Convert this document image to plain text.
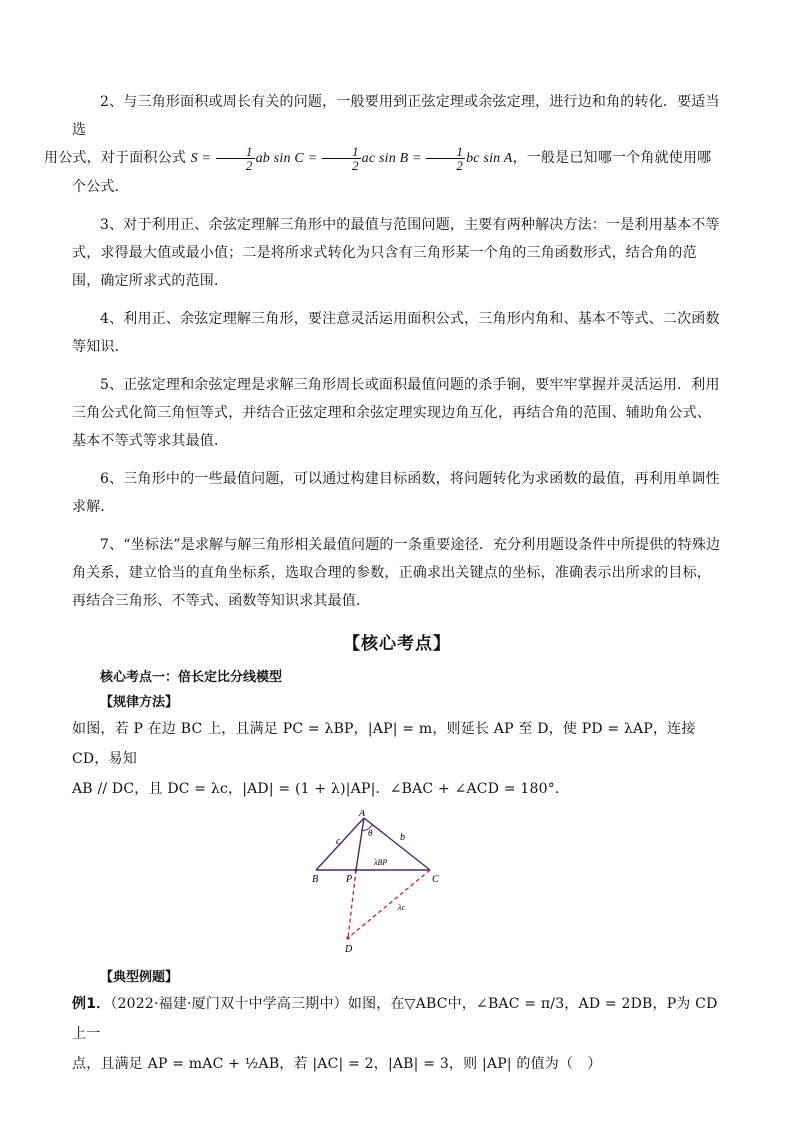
2、与三角形面积或周长有关的问题，一般要用到正弦定理或余弦定理，进行边和角的转化．要适当选
用公式，对于面积公式 $S = \frac{1}{2}$ ab $\sin C = \frac{1}{2}$ ac $\sin B = \frac{1}{2}$ bc sin A，一般是已知哪一个角就使用哪个公式．

3、对于利用正、余弦定理解三角形中的最值与范围问题，主要有两种解决方法：一是利用基本不等式，求得最大值或最小值；二是将所求式转化为只含有三角形某一个角的三角函数形式，结合角的范围，确定所求式的范围．

4、利用正、余弦定理解三角形，要注意灵活运用面积公式，三角形内角和、基本不等式、二次函数等知识．

5、正弦定理和余弦定理是求解三角形周长或面积最值问题的杀手锏，要牢牢掌握并灵活运用．利用三角公式化简三角恒等式，并结合正弦定理和余弦定理实现边角互化，再结合角的范围、辅助角公式、基本不等式等求其最值．

6、三角形中的一些最值问题，可以通过构建目标函数，将问题转化为求函数的最值，再利用单调性求解．

7、“坐标法”是求解与解三角形相关最值问题的一条重要途径．充分利用题设条件中所提供的特殊边角关系，建立恰当的直角坐标系，选取合理的参数，正确求出关键点的坐标，准确表示出所求的目标，再结合三角形、不等式、函数等知识求其最值．

【核心考点】
核心考点一：倍长定比分线模型
【规律方法】

如图，若 P 在边 BC 上，且满足 PC = λBP，|AP| = m，则延长 AP 至 D，使 PD = λAP，连接 CD，易知

AB // DC，且 DC = λc，|AD| = (1 + λ)|AP|．∠BAC + ∠ACD = 180°．

A
B	C
P
D
c	b
θ
λBP
λc
【典型例题】

例1．（2022·福建·厦门双十中学高三期中）如图，在▽ABC中，∠BAC = π/3，AD = 2DB，P为 CD 上一

点，且满足 AP = mAC + ½AB，若 |AC| = 2，|AB| = 3，则 |AP| 的值为（　）
